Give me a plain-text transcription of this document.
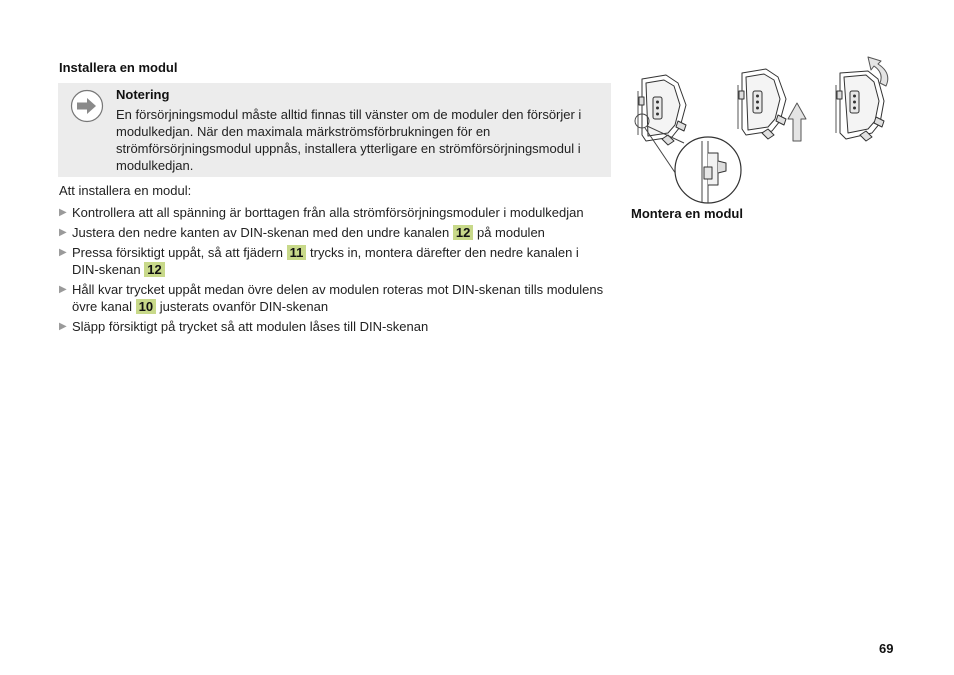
Installera en modul
Notering
En försörjningsmodul måste alltid finnas till vänster om de moduler den försörjer i modulkedjan. När den maximala märkströmsförbrukningen för en strömförsörjningsmodul uppnås, installera ytterligare en strömförsörjningsmodul i modulkedjan.
Att installera en modul:
▶ Kontrollera att all spänning är borttagen från alla strömförsörjningsmoduler i modulkedjan
▶ Justera den nedre kanten av DIN-skenan med den undre kanalen 12 på modulen
▶ Pressa försiktigt uppåt, så att fjädern 11 trycks in, montera därefter den nedre kanalen i DIN-skenan 12
▶ Håll kvar trycket uppåt medan övre delen av modulen roteras mot DIN-skenan tills modulens övre kanal 10 justerats ovanför DIN-skenan
▶ Släpp försiktigt på trycket så att modulen låses till DIN-skenan
Montera en modul
69
